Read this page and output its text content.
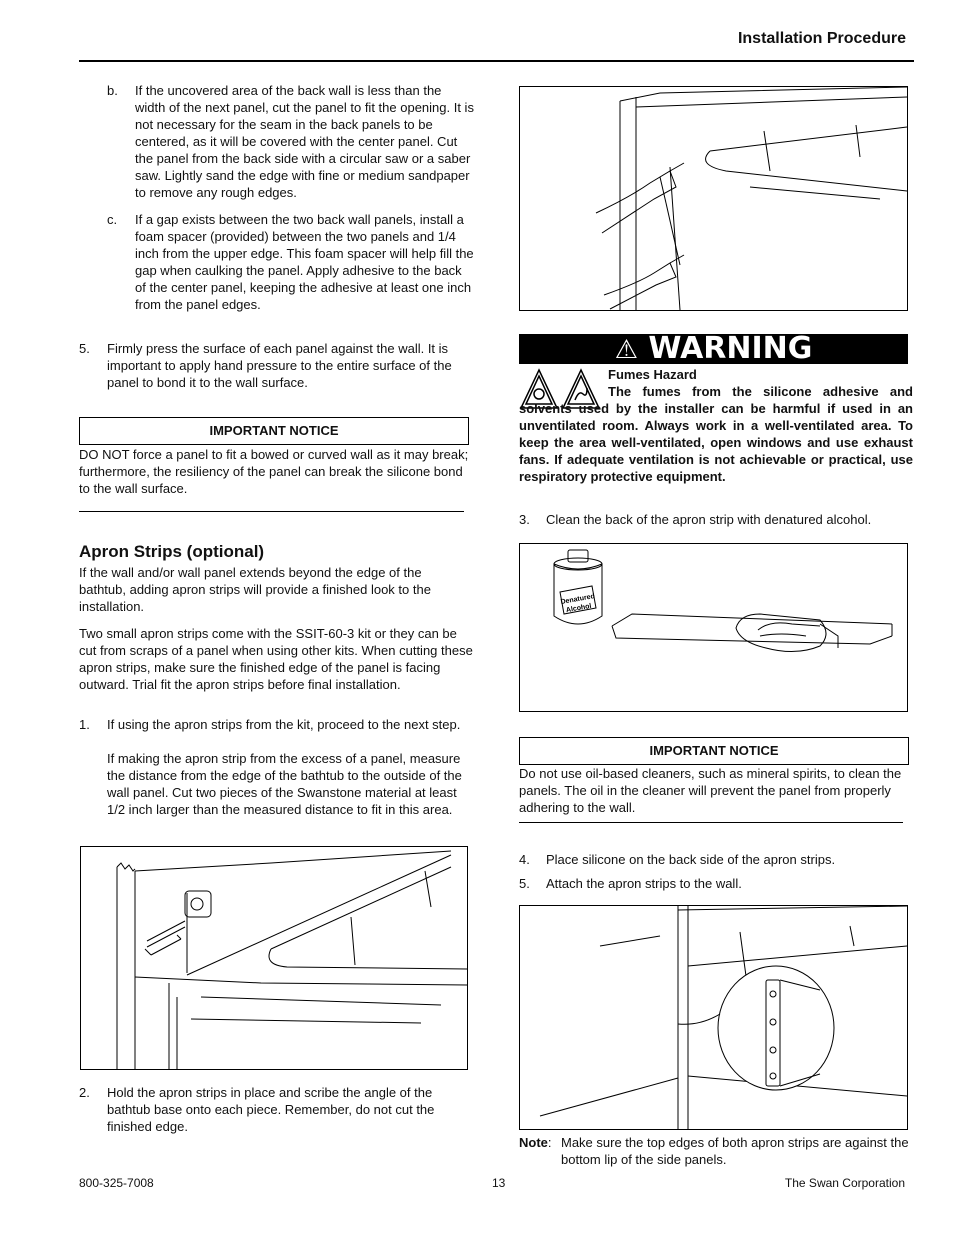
Installation Procedure
b. If the uncovered area of the back wall is less than the width of the next panel, cut the panel to fit the opening. It is not necessary for the seam in the back panels to be centered, as it will be covered with the center panel. Cut the panel from the back side with a circular saw or a saber saw. Lightly sand the edge with fine or medium sandpaper to remove any rough edges.
c. If a gap exists between the two back wall panels, install a foam spacer (provided) between the two panels and 1/4 inch from the upper edge. This foam spacer will help fill the gap when caulking the panel. Apply adhesive to the back of the center panel, keeping the adhesive at least one inch from the panel edges.
5. Firmly press the surface of each panel against the wall. It is important to apply hand pressure to the entire surface of the panel to bond it to the wall surface.
IMPORTANT NOTICE
DO NOT force a panel to fit a bowed or curved wall as it may break; furthermore, the resiliency of the panel can break the silicone bond to the wall surface.
Apron Strips (optional)
If the wall and/or wall panel extends beyond the edge of the bathtub, adding apron strips will provide a finished look to the installation.
Two small apron strips come with the SSIT-60-3 kit or they can be cut from scraps of a panel when using other kits. When cutting these apron strips, make sure the finished edge of the panel is facing outward. Trial fit the apron strips before final installation.
1. If using the apron strips from the kit, proceed to the next step.
If making the apron strip from the excess of a panel, measure the distance from the edge of the bathtub to the outside of the wall panel. Cut two pieces of the Swanstone material at least 1/2 inch larger than the measured distance to fit in this area.
2. Hold the apron strips in place and scribe the angle of the bathtub base onto each piece. Remember, do not cut the finished edge.
⚠ WARNING
Fumes Hazard
The fumes from the silicone adhesive and solvents used by the installer can be harmful if used in an unventilated room. Always work in a well-ventilated area. To keep the area well-ventilated, open windows and use exhaust fans. If adequate ventilation is not achievable or practical, use respiratory protective equipment.
3. Clean the back of the apron strip with denatured alcohol.
Denatured
Alcohol
IMPORTANT NOTICE
Do not use oil-based cleaners, such as mineral spirits, to clean the panels. The oil in the cleaner will prevent the panel from properly adhering to the wall.
4. Place silicone on the back side of the apron strips.
5. Attach the apron strips to the wall.
Note: Make sure the top edges of both apron strips are against the bottom lip of the side panels.
800-325-7008	13	The Swan Corporation
